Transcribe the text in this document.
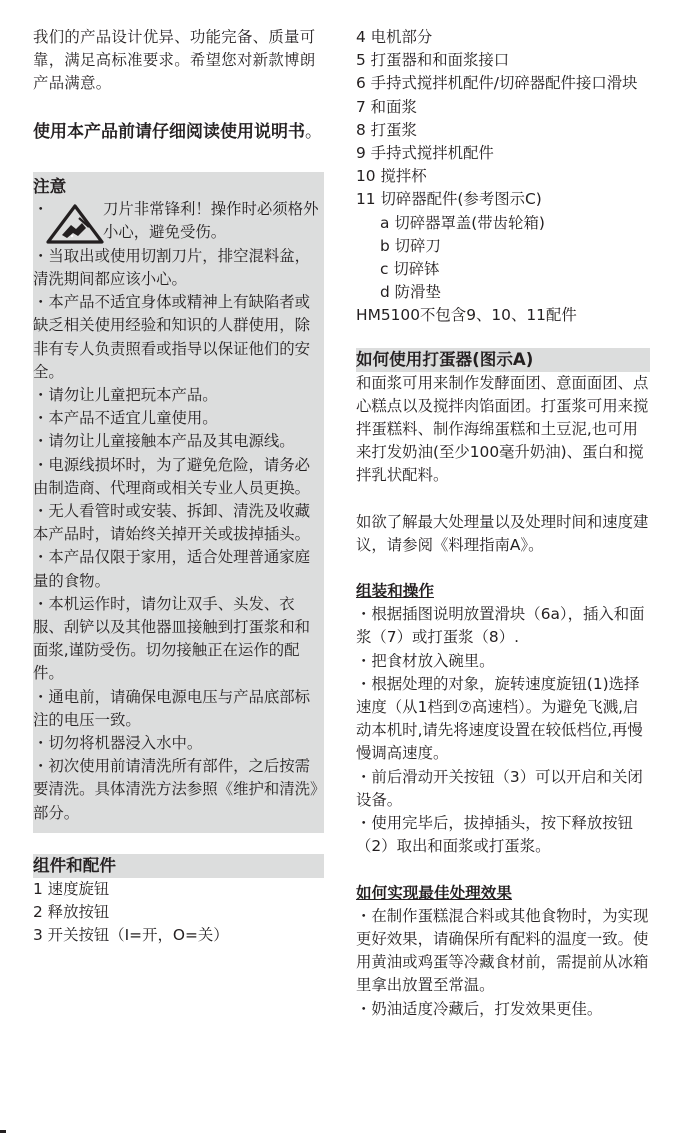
我们的产品设计优异、功能完备、质量可靠，满足高标准要求。希望您对新款博朗产品满意。

使用本产品前请仔细阅读使用说明书。

注意
・	刀片非常锋利！操作时必须格外小心，避免受伤。

・当取出或使用切割刀片，排空混料盆，清洗期间都应该小心。

・本产品不适宜身体或精神上有缺陷者或缺乏相关使用经验和知识的人群使用，除非有专人负责照看或指导以保证他们的安全。

・请勿让儿童把玩本产品。

・本产品不适宜儿童使用。

・请勿让儿童接触本产品及其电源线。

・电源线损坏时，为了避免危险，请务必由制造商、代理商或相关专业人员更换。

・无人看管时或安装、拆卸、清洗及收藏本产品时，请始终关掉开关或拔掉插头。

・本产品仅限于家用，适合处理普通家庭量的食物。

・本机运作时，请勿让双手、头发、衣服、刮铲以及其他器皿接触到打蛋浆和和面浆,谨防受伤。切勿接触正在运作的配件。

・通电前，请确保电源电压与产品底部标注的电压一致。

・切勿将机器浸入水中。

・初次使用前请清洗所有部件，之后按需要清洗。具体清洗方法参照《维护和清洗》部分。

组件和配件

1 速度旋钮

2 释放按钮

3 开关按钮（I=开，O=关）

4 电机部分

5 打蛋器和和面浆接口

6 手持式搅拌机配件/切碎器配件接口滑块

7 和面浆

8 打蛋浆

9 手持式搅拌机配件

10 搅拌杯

11 切碎器配件(参考图示C)

a 切碎器罩盖(带齿轮箱)

b 切碎刀

c 切碎钵

d 防滑垫

HM5100不包含9、10、11配件

如何使用打蛋器(图示A)

和面浆可用来制作发酵面团、意面面团、点心糕点以及搅拌肉馅面团。打蛋浆可用来搅拌蛋糕料、制作海绵蛋糕和土豆泥,也可用来打发奶油(至少100毫升奶油)、蛋白和搅拌乳状配料。

如欲了解最大处理量以及处理时间和速度建议，请参阅《料理指南A》。

组装和操作

・根据插图说明放置滑块（6a），插入和面浆（7）或打蛋浆（8）.

・把食材放入碗里。

・根据处理的对象，旋转速度旋钮(1)选择速度（从1档到⑦高速档）。为避免飞溅,启动本机时,请先将速度设置在较低档位,再慢慢调高速度。

・前后滑动开关按钮（3）可以开启和关闭设备。

・使用完毕后，拔掉插头，按下释放按钮（2）取出和面浆或打蛋浆。

如何实现最佳处理效果

・在制作蛋糕混合料或其他食物时，为实现更好效果，请确保所有配料的温度一致。使用黄油或鸡蛋等冷藏食材前，需提前从冰箱里拿出放置至常温。

・奶油适度冷藏后，打发效果更佳。
